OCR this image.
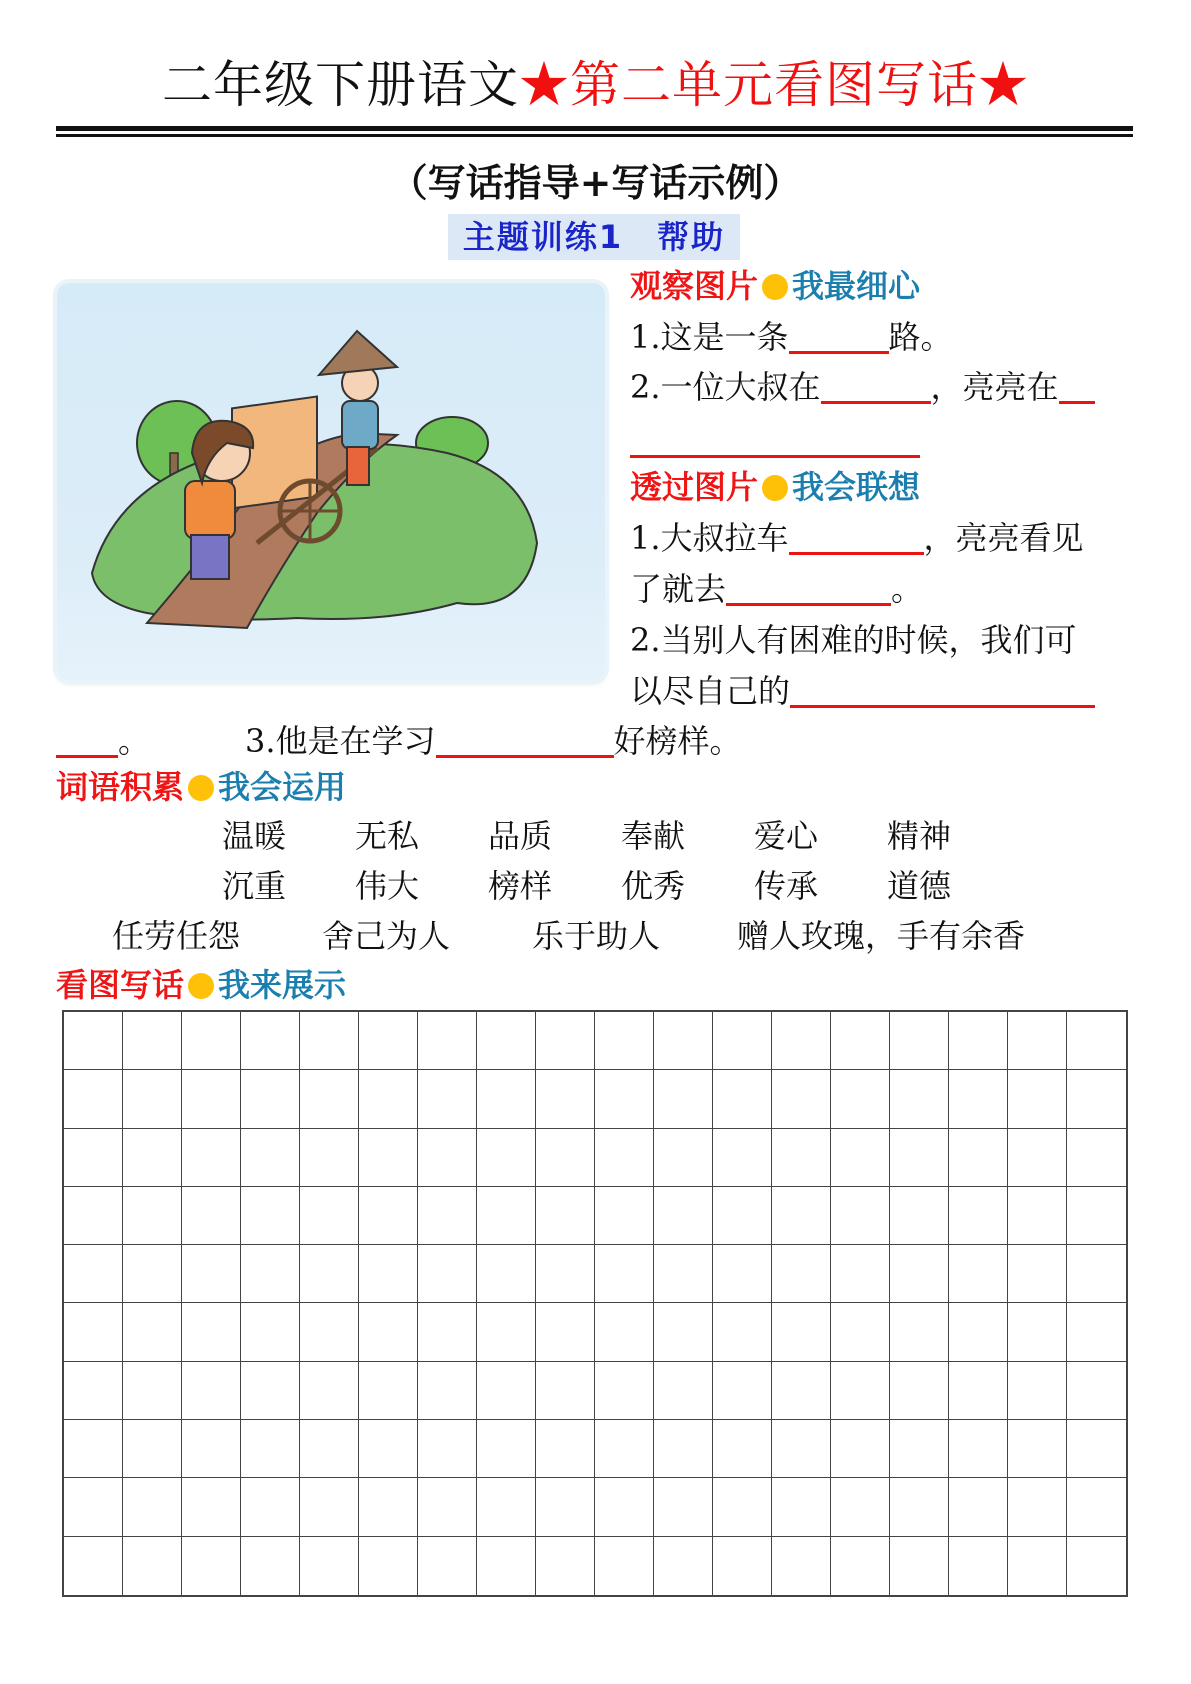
二年级下册语文★第二单元看图写话★
（写话指导+写话示例）
主题训练1　帮助
观察图片 我最细心
1.这是一条	路。
2.一位大叔在	，亮亮在
透过图片 我会联想
1.大叔拉车	，亮亮看见
了就去	。
2.当别人有困难的时候，我们可
以尽自己的
。	3.他是在学习	好榜样。
词语积累 我会运用
温暖 无私 品质 奉献 爱心 精神
沉重 伟大 榜样 优秀 传承 道德
任劳任怨	舍己为人	乐于助人 赠人玫瑰，手有余香
看图写话 我来展示
